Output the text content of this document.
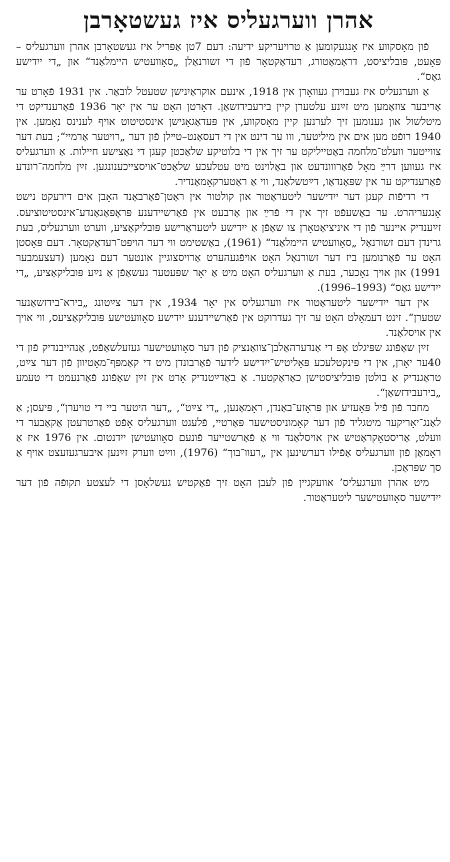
אהרן ווערגעליס איז געשטאָרבן

פֿון מאָסקווע איז אָנגעקומען אַ טרויעריקע ידיעה: דעם 7טן אַפּריל איז געשטאָרבן אהרן ווערגעליס – פּאָעט, פּובליציסט, דראַמאַטורג, רעדאַקטאָר פֿון די זשורנאַלן „סאָוועטיש היימלאַנד“ און „די ייִדישע גאַס“.

אַ ווערגעליס איז געבוירן געוואָרן אין 1918, אינעם אוקראַיִנישן שטעטל לובאַר. אין 1931 פֿאָרט ער אַריבער צוזאַמען מיט זײַנע עלטערן קיין בירעבידזשאַן. דאָרטן האָט ער אין יאָר 1936 פֿאַרענדיקט די מיטלשול און גענומען זיך לערנען קיין מאָסקווע, אין פּעדאַגאָגישן אינסטיטוט אויף לענינס נאָמען. אין 1940 רופֿט מען אים אין מיליטער, ווו ער דינט אין די דעסאַנט–טײלן פֿון דער „רויטער אַרמיי“; בעת דער צווייטער וועלט־מלחמה באַטייליקט ער זיך אין די בלוטיקע שלאַכטן קעגן די נאַצישע חיילות. אַ ווערגעליס איז געווען דרײַ מאָל פֿאַרווונדעט און באַלוינט מיט עטלעכע שלאַכט־אויסצייכענונגען. זײַן מלחמה־רונדע פֿאַרענדיקט ער אין שפּאַנדאַו, דײַטשלאַנד, ווי אַ ראַטערקאָמאַנדיר.

די רדיפֿות קעגן דער ייִדישער ליטעראַטור און קולטור אין ראַטן־פֿאַרבאַנד האָבן אים דירעקט נישט אָנגעריהרט. ער באַשעפֿט זיך אין די פֿרײַ און אַרבעט אין פֿאַרשיידענע פּראָפּאַגאַנדע־אינסטיטוציעס. זײַענדיק איינער פֿון די איניציאַטאָרן צו שאַפֿן אַ ייִדישע ליטעראַרישע פּובליקאַציע, ווערט ווערגעליס, בעת גרינדן דעם זשורנאַל „סאָוועטיש היימלאַנד“ (1961), באַשטימט ווי דער הויפּט־רעדאַקטאָר. דעם פּאָסטן האָט ער פֿאַרנומען ביז דער זשורנאַל האָט אויפֿגעהערט אַרויסצוגיין אונטער דעם נאָמען (דעצעמבער 1991) און אויך נאָכער, בעת אַ ווערגעליס האָט מיט אַ יאָר שפּעטער געשאַפֿן אַ נײַע פּובליקאַציע, „די ייִדישע גאַס“ (1993–1996).

אין דער ייִדישער ליטעראַטור איז ווערגעליס אין יאָר 1934, אין דער צײַטונג „בירא־בידזשאַנער שטערן“. זינט דעמאָלט האָט ער זיך געדרוקט אין פֿאַרשיידענע ייִדישע סאָוועטישע פּובליקאַציעס, ווי אויך אין אויסלאַנד.

זײַן שאַפֿונג שפּיגלט אָפּ די אַנדערהאַלבן־צוואַנציק פֿון דער סאָוועטישער געזעלשאַפֿט, אַנהייבנדיק פֿון די 40ער יאָרן, אין די פּינקטלעכע פּאָליטיש־ייִדישע לידער פֿאַרבונדן מיט די קאַמפּף־מאָטיוון פֿון דער צײַט, טראַגנדיק אַ בולטן פּובליציסטישן כאַראַקטער. אַ באַדײַטנדיק אָרט אין זײַן שאַפֿונג פֿאַרנעמט די טעמע „בירעבידזשאַן“.

מחבר פֿון פֿיל פּאָעזיע און פּראָזע־באַנדן, ראָמאַנען, „די צײַט“, „דער היטער ביי די טויערן“, פּיעסן; אַ לאַנג־יאָריקער מיטגליד פֿון דער קאָמוניסטישער פּאַרטיי, פֿלעגט ווערגעליס אָפֿט פֿאַרטרעטן אַקאַבער די וועלט, אַריסטאָקראַטיש אין אויסלאַנד ווי אַ פֿאַרשטייער פֿונעם סאָוועטישן ייִדנטום. אין 1976 איז אַ ראָמאַן פֿון ווערגעליס אַפֿילו דערשינען אין „רעוו־בוך“ (1976), ווײַט ווערק זײַנען איבערגעזעצט אויף אַ סך שפּראַכן.

מיט אהרן ווערגעליס’ אוועקגיין פֿון לעבן האָט זיך פֿאַקטיש געשלאָסן די לעצטע תקופֿה פֿון דער ייִדישער סאָוועטישער ליטעראַטור.
